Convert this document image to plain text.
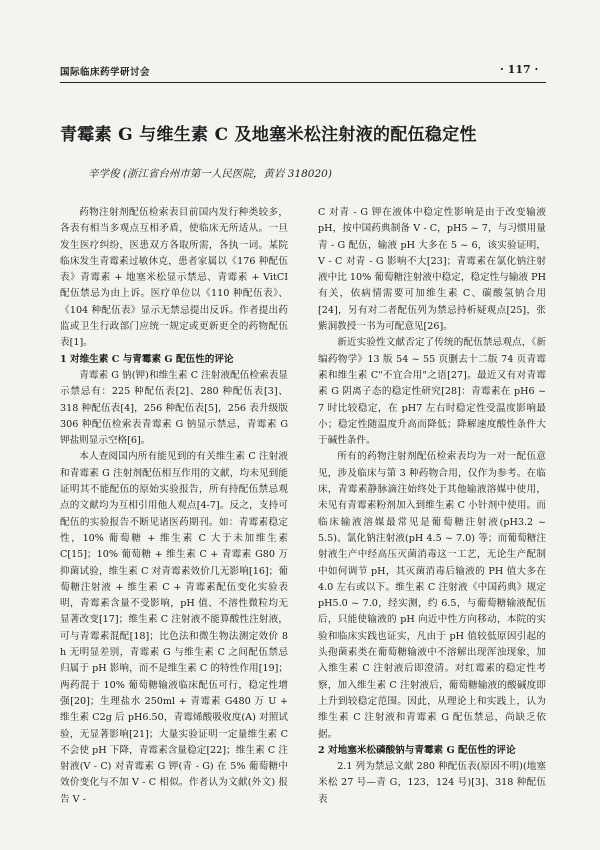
国际临床药学研讨会	· 117 ·
青霉素 G 与维生素 C 及地塞米松注射液的配伍稳定性
辛学俊 (浙江省台州市第一人民医院，黄岩 318020)

药物注射剂配伍检索表目前国内发行种类较多，各表有相当多观点互相矛盾，使临床无所适从。一旦发生医疗纠纷，医患双方各取所需，各执一词。某院临床发生青霉素过敏休克，患者家属以《176 种配伍表》青霉素 + 地塞米松显示禁忌、青霉素 + VitCI 配伍禁忌为由上诉。医疗单位以《110 种配伍表》、《104 种配伍表》显示无禁忌提出反诉。作者提出药监或卫生行政部门应统一规定或更新更全的药物配伍表[1]。

1 对维生素 C 与青霉素 G 配伍性的评论

青霉素 G 钠(钾)和维生素 C 注射液配伍检索表显示禁忌有：225 种配伍表[2]、280 种配伍表[3]、318 种配伍表[4]，256 种配伍表[5]，256 表升级版 306 种配伍检索表青霉素 G 钠显示禁忌，青霉素 G 钾盐则显示空格[6]。

本人查阅国内所有能见到的有关维生素 C 注射液和青霉素 G 注射剂配伍相互作用的文献，均未见到能证明其不能配伍的原始实验报告，所有持配伍禁忌观点的文献均为互相引用他人观点[4-7]。反之，支持可配伍的实验报告不断见诸医药期刊。如：青霉素稳定性，10% 葡萄糖 + 维生素 C 大于未加维生素 C[15]；10% 葡萄糖 + 维生素 C + 青霉素 G80 万抑菌试验，维生素 C 对青霉素效价几无影响[16]；葡萄糖注射液 + 维生素 C + 青霉素配伍变化实验表明，青霉素含量不受影响，pH 值、不溶性微粒均无显著改变[17]；维生素 C 注射液不能算酸性注射液，可与青霉素混配[18]；比色法和微生物法测定效价 8 h 无明显差别，青霉素 G 与维生素 C 之间配伍禁忌归属于 pH 影响，而不是维生素 C 的特性作用[19]；两药混于 10% 葡萄糖输液临床配伍可行，稳定性增强[20]；生理盐水 250ml + 青霉素 G480 万 U + 维生素 C2g 后 pH6.50，青霉烯酸吸收度(A) 对照试验，无显著影响[21]；大量实验证明一定量维生素 C 不会使 pH 下降，青霉素含量稳定[22]；维生素 C 注射液(V - C) 对青霉素 G 钾(青 - G) 在 5% 葡萄糖中效价变化与不加 V - C 相似。作者认为文献(外文) 报告 V -

C 对青 - G 钾在液体中稳定性影响是由于改变输液 pH，按中国药典制备 V - C，pH5 ~ 7，与习惯用量青 - G 配伍，输液 pH 大多在 5 ~ 6，该实验证明，V - C 对青 - G 影响不大[23]；青霉素在氯化钠注射液中比 10% 葡萄糖注射液中稳定，稳定性与输液 PH 有关，依病情需要可加维生素 C、碳酸氢钠合用[24]，另有对二者配伍列为禁忌持析疑观点[25]，张紫洞教授一书为可配意见[26]。

新近实验性文献否定了传统的配伍禁忌观点，《新编药物学》13 版 54 ~ 55 页删去十二版 74 页青霉素和维生素 C"不宜合用"之语[27]。最近又有对青霉素 G 阴离子态的稳定性研究[28]：青霉素在 pH6 ~ 7 时比较稳定，在 pH7 左右时稳定性受温度影响最小；稳定性随温度升高而降低；降解速度酸性条件大于碱性条件。

所有的药物注射剂配伍检索表均为一对一配伍意见，涉及临床与第 3 种药物合用，仅作为参考。在临床，青霉素静脉滴注始终处于其他输液溶媒中使用，未见有青霉素粉剂加入到维生素 C 小针剂中使用。而临床输液溶媒最常见是葡萄糖注射液(pH3.2 ~ 5.5)、氯化钠注射液(pH 4.5 ~ 7.0) 等；而葡萄糖注射液生产中经高压灭菌消毒这一工艺，无论生产配制中如何调节 pH，其灭菌消毒后输液的 PH 值大多在 4.0 左右或以下。维生素 C 注射液《中国药典》规定 pH5.0 ~ 7.0，经实测，约 6.5，与葡萄糖输液配伍后，只能使输液的 pH 向近中性方向移动，本院的实验和临床实践也证实，凡由于 pH 值较低原因引起的头孢菌素类在葡萄糖输液中不溶解出现浑浊现象，加入维生素 C 注射液后即澄清。对红霉素的稳定性考察，加入维生素 C 注射液后，葡萄糖输液的酸碱度即上升到较稳定范围。因此，从理论上和实践上，认为维生素 C 注射液和青霉素 G 配伍禁忌，尚缺乏依据。

2 对地塞米松磷酸钠与青霉素 G 配伍性的评论

2.1 列为禁忌文献 280 种配伍表(原因不明)(地塞米松 27 号—青 G，123，124 号)[3]、318 种配伍表
